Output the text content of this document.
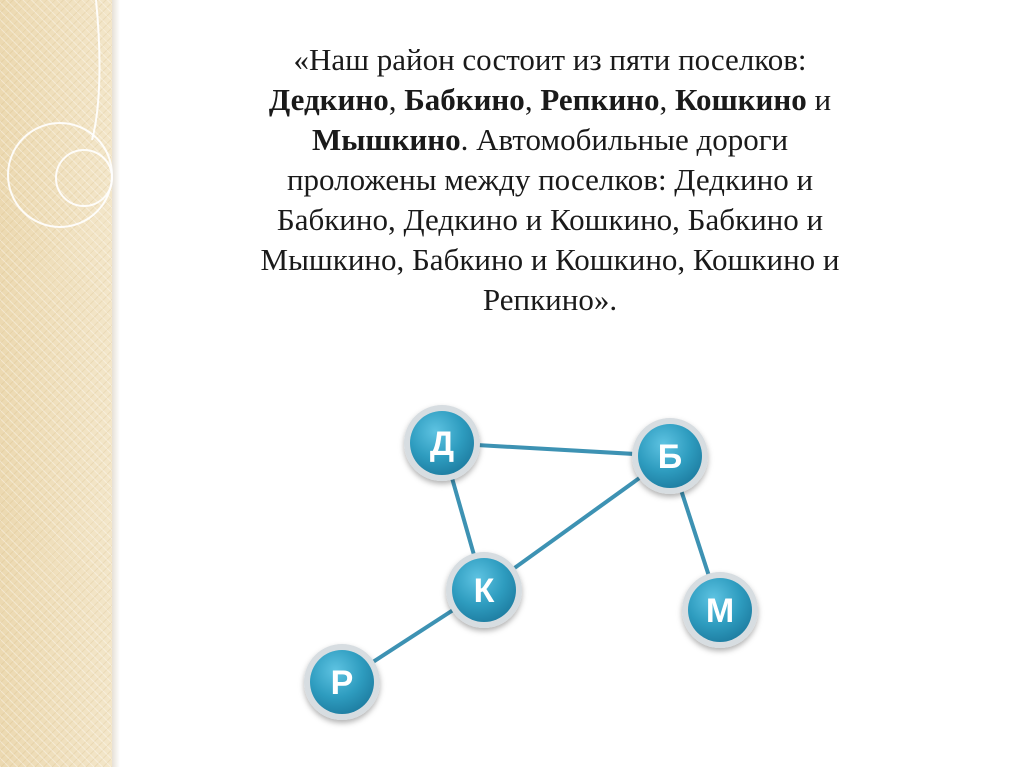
«Наш район состоит из пяти поселков:
Дедкино, Бабкино, Репкино, Кошкино и
Мышкино. Автомобильные дороги
проложены между поселков: Дедкино и
Бабкино, Дедкино и Кошкино, Бабкино и
Мышкино, Бабкино и Кошкино, Кошкино и
Репкино».
Д	Б
К
М
Р
